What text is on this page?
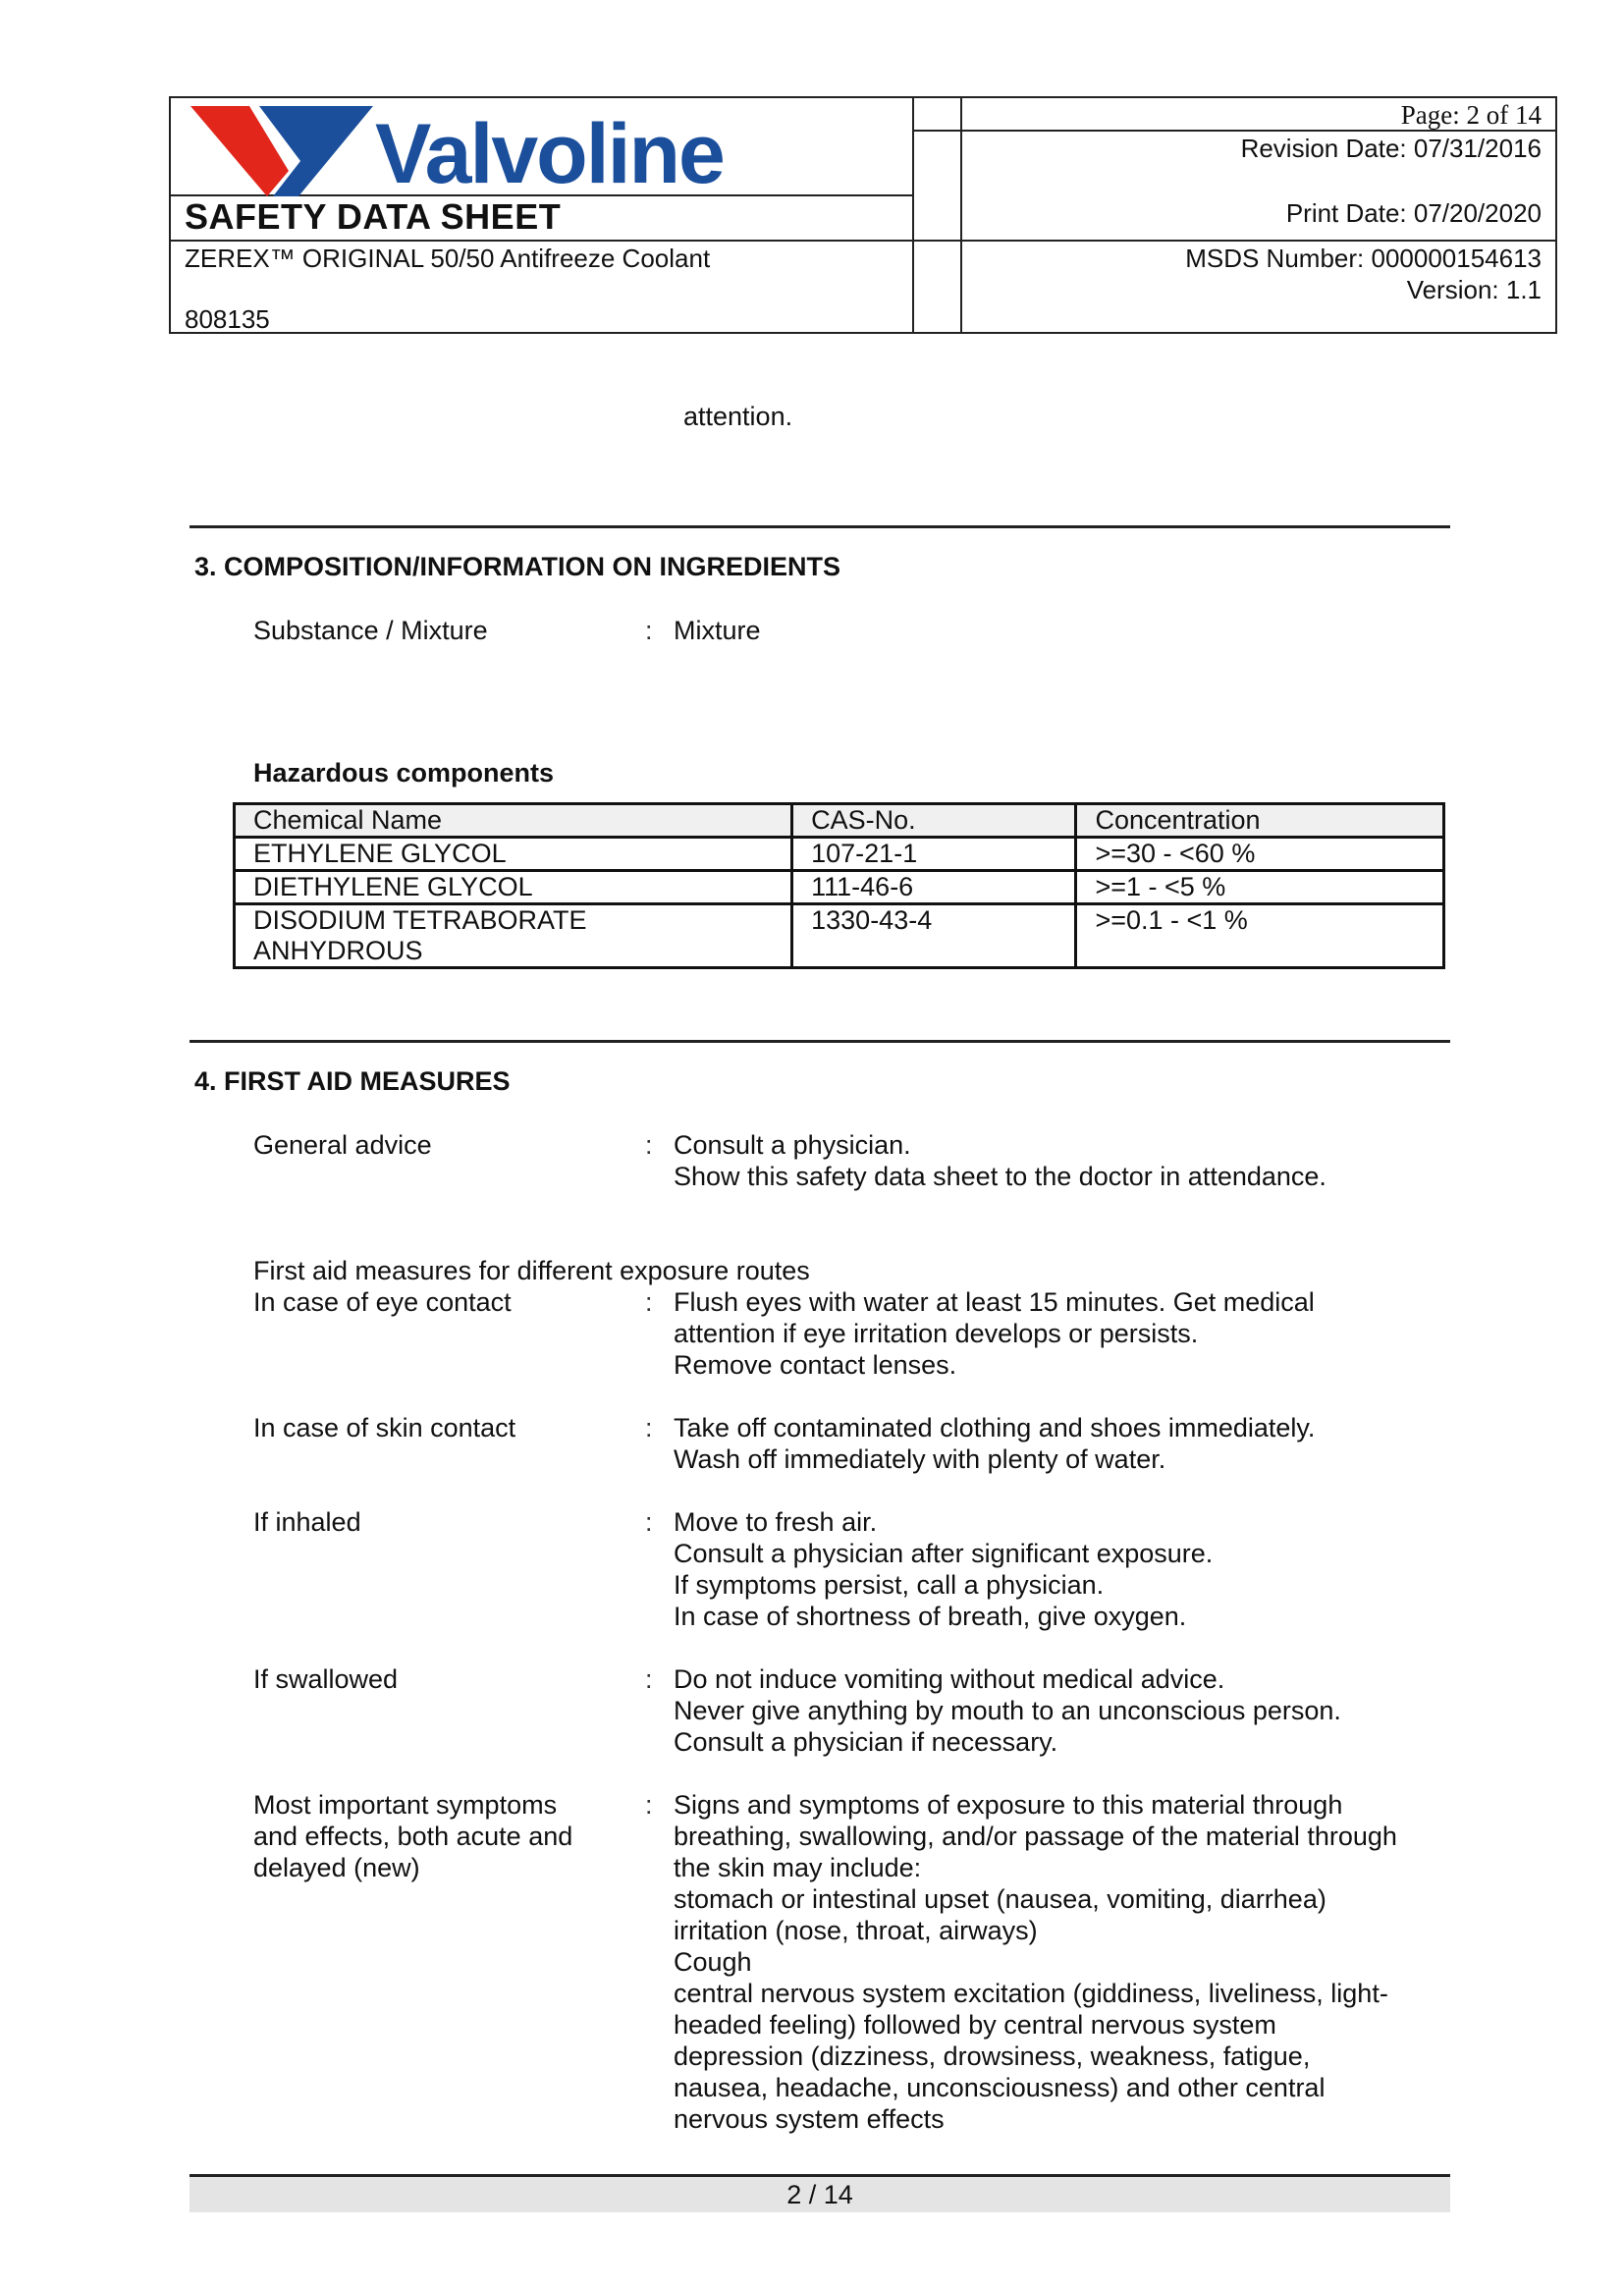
Valvoline
SAFETY DATA SHEET
ZEREX™ ORIGINAL 50/50 Antifreeze Coolant
808135
Page: 2 of 14
Revision Date: 07/31/2016
Print Date: 07/20/2020
MSDS Number: 000000154613
Version: 1.1
attention.
3. COMPOSITION/INFORMATION ON INGREDIENTS
Substance / Mixture	: Mixture
Hazardous components
Chemical Name	CAS-No.	Concentration
ETHYLENE GLYCOL	107-21-1	>=30 - <60 %
DIETHYLENE GLYCOL	111-46-6	>=1 - <5 %

DISODIUM TETRABORATE
ANHYDROUS	1330-43-4	>=0.1 - <1 %
4. FIRST AID MEASURES
General advice	: Consult a physician.
Show this safety data sheet to the doctor in attendance.
First aid measures for different exposure routes
In case of eye contact	: Flush eyes with water at least 15 minutes. Get medical
attention if eye irritation develops or persists.
Remove contact lenses.
In case of skin contact	: Take off contaminated clothing and shoes immediately.
Wash off immediately with plenty of water.
If inhaled	: Move to fresh air.
Consult a physician after significant exposure.
If symptoms persist, call a physician.
In case of shortness of breath, give oxygen.
If swallowed	: Do not induce vomiting without medical advice.
Never give anything by mouth to an unconscious person.
Consult a physician if necessary.
Most important symptoms
and effects, both acute and
delayed (new)
: Signs and symptoms of exposure to this material through
breathing, swallowing, and/or passage of the material through
the skin may include:
stomach or intestinal upset (nausea, vomiting, diarrhea)
irritation (nose, throat, airways)
Cough
central nervous system excitation (giddiness, liveliness, light-
headed feeling) followed by central nervous system
depression (dizziness, drowsiness, weakness, fatigue,
nausea, headache, unconsciousness) and other central
nervous system effects
2 / 14
